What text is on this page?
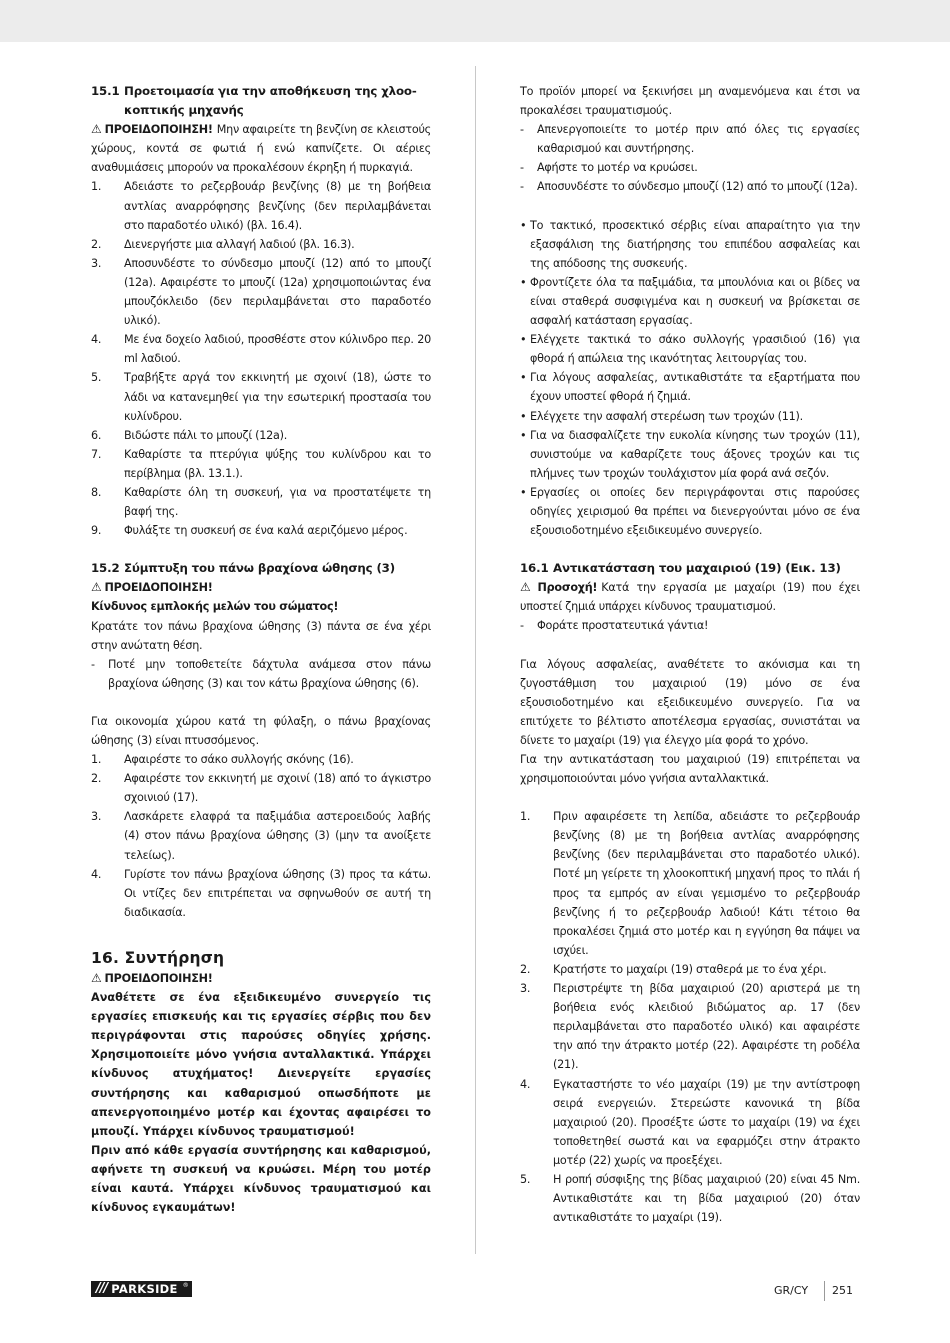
15.1 Προετοιμασία για την αποθήκευση της χλοο-
κοπτικής μηχανής

⚠ ΠΡΟΕΙΔΟΠΟΙΗΣΗ! Μην αφαιρείτε τη βενζίνη σε κλειστούς χώρους, κοντά σε φωτιά ή ενώ καπνίζετε. Οι αέριες αναθυμιάσεις μπορούν να προκαλέσουν έκρηξη ή πυρκαγιά.

1. Αδειάστε το ρεζερβουάρ βενζίνης (8) με τη βοήθεια αντλίας αναρρόφησης βενζίνης (δεν περιλαμβάνεται στο παραδοτέο υλικό) (βλ. 16.4).
2. Διενεργήστε μια αλλαγή λαδιού (βλ. 16.3).
3. Αποσυνδέστε το σύνδεσμο μπουζί (12) από το μπουζί (12a). Αφαιρέστε το μπουζί (12a) χρησιμοποιώντας ένα μπουζόκλειδο (δεν περιλαμβάνεται στο παραδοτέο υλικό).
4. Με ένα δοχείο λαδιού, προσθέστε στον κύλινδρο περ. 20 ml λαδιού.
5. Τραβήξτε αργά τον εκκινητή με σχοινί (18), ώστε το λάδι να κατανεμηθεί για την εσωτερική προστασία του κυλίνδρου.
6. Βιδώστε πάλι το μπουζί (12a).
7. Καθαρίστε τα πτερύγια ψύξης του κυλίνδρου και το περίβλημα (βλ. 13.1.).
8. Καθαρίστε όλη τη συσκευή, για να προστατέψετε τη βαφή της.
9. Φυλάξτε τη συσκευή σε ένα καλά αεριζόμενο μέρος.
15.2 Σύμπτυξη του πάνω βραχίονα ώθησης (3)

⚠ ΠΡΟΕΙΔΟΠΟΙΗΣΗ!

Κίνδυνος εμπλοκής μελών του σώματος!

Κρατάτε τον πάνω βραχίονα ώθησης (3) πάντα σε ένα χέρι στην ανώτατη θέση.

- Ποτέ μην τοποθετείτε δάχτυλα ανάμεσα στον πάνω βραχίονα ώθησης (3) και τον κάτω βραχίονα ώθησης (6).

Για οικονομία χώρου κατά τη φύλαξη, ο πάνω βραχίονας ώθησης (3) είναι πτυσσόμενος.

1. Αφαιρέστε το σάκο συλλογής σκόνης (16).
2. Αφαιρέστε τον εκκινητή με σχοινί (18) από το άγκιστρο σχοινιού (17).
3. Λασκάρετε ελαφρά τα παξιμάδια αστεροειδούς λαβής (4) στον πάνω βραχίονα ώθησης (3) (μην τα ανοίξετε τελείως).
4. Γυρίστε τον πάνω βραχίονα ώθησης (3) προς τα κάτω. Οι ντίζες δεν επιτρέπεται να σφηνωθούν σε αυτή τη διαδικασία.
16. Συντήρηση

⚠ ΠΡΟΕΙΔΟΠΟΙΗΣΗ!

Αναθέτετε σε ένα εξειδικευμένο συνεργείο τις εργασίες επισκευής και τις εργασίες σέρβις που δεν περιγράφονται στις παρούσες οδηγίες χρήσης. Χρησιμοποιείτε μόνο γνήσια ανταλλακτικά. Υπάρχει κίνδυνος ατυχήματος! Διενεργείτε εργασίες συντήρησης και καθαρισμού οπωσδήποτε με απενεργοποιημένο μοτέρ και έχοντας αφαιρέσει το μπουζί. Υπάρχει κίνδυνος τραυματισμού!

Πριν από κάθε εργασία συντήρησης και καθαρισμού, αφήνετε τη συσκευή να κρυώσει. Μέρη του μοτέρ είναι καυτά. Υπάρχει κίνδυνος τραυματισμού και κίνδυνος εγκαυμάτων!

Το προϊόν μπορεί να ξεκινήσει μη αναμενόμενα και έτσι να προκαλέσει τραυματισμούς.

- Απενεργοποιείτε το μοτέρ πριν από όλες τις εργασίες καθαρισμού και συντήρησης.
- Αφήστε το μοτέρ να κρυώσει.
- Αποσυνδέστε το σύνδεσμο μπουζί (12) από το μπουζί (12a).
• Το τακτικό, προσεκτικό σέρβις είναι απαραίτητο για την εξασφάλιση της διατήρησης του επιπέδου ασφαλείας και της απόδοσης της συσκευής.
• Φροντίζετε όλα τα παξιμάδια, τα μπουλόνια και οι βίδες να είναι σταθερά συσφιγμένα και η συσκευή να βρίσκεται σε ασφαλή κατάσταση εργασίας.
• Ελέγχετε τακτικά το σάκο συλλογής γρασιδιού (16) για φθορά ή απώλεια της ικανότητας λειτουργίας του.
• Για λόγους ασφαλείας, αντικαθιστάτε τα εξαρτήματα που έχουν υποστεί φθορά ή ζημιά.
• Ελέγχετε την ασφαλή στερέωση των τροχών (11).
• Για να διασφαλίζετε την ευκολία κίνησης των τροχών (11), συνιστούμε να καθαρίζετε τους άξονες τροχών και τις πλήμνες των τροχών τουλάχιστον μία φορά ανά σεζόν.
• Εργασίες οι οποίες δεν περιγράφονται στις παρούσες οδηγίες χειρισμού θα πρέπει να διενεργούνται μόνο σε ένα εξουσιοδοτημένο εξειδικευμένο συνεργείο.
16.1 Αντικατάσταση του μαχαιριού (19) (Εικ. 13)

⚠ Προσοχή! Κατά την εργασία με μαχαίρι (19) που έχει υποστεί ζημιά υπάρχει κίνδυνος τραυματισμού.

- Φοράτε προστατευτικά γάντια!

Για λόγους ασφαλείας, αναθέτετε το ακόνισμα και τη ζυγοστάθμιση του μαχαιριού (19) μόνο σε ένα εξουσιοδοτημένο και εξειδικευμένο συνεργείο. Για να επιτύχετε το βέλτιστο αποτέλεσμα εργασίας, συνιστάται να δίνετε το μαχαίρι (19) για έλεγχο μία φορά το χρόνο.

Για την αντικατάσταση του μαχαιριού (19) επιτρέπεται να χρησιμοποιούνται μόνο γνήσια ανταλλακτικά.

1. Πριν αφαιρέσετε τη λεπίδα, αδειάστε το ρεζερβουάρ βενζίνης (8) με τη βοήθεια αντλίας αναρρόφησης βενζίνης (δεν περιλαμβάνεται στο παραδοτέο υλικό). Ποτέ μη γείρετε τη χλοοκοπτική μηχανή προς το πλάι ή προς τα εμπρός αν είναι γεμισμένο το ρεζερβουάρ βενζίνης ή το ρεζερβουάρ λαδιού! Κάτι τέτοιο θα προκαλέσει ζημιά στο μοτέρ και η εγγύηση θα πάψει να ισχύει.
2. Κρατήστε το μαχαίρι (19) σταθερά με το ένα χέρι.
3. Περιστρέψτε τη βίδα μαχαιριού (20) αριστερά με τη βοήθεια ενός κλειδιού βιδώματος αρ. 17 (δεν περιλαμβάνεται στο παραδοτέο υλικό) και αφαιρέστε την από την άτρακτο μοτέρ (22). Αφαιρέστε τη ροδέλα (21).
4. Εγκαταστήστε το νέο μαχαίρι (19) με την αντίστροφη σειρά ενεργειών. Στερεώστε κανονικά τη βίδα μαχαιριού (20). Προσέξτε ώστε το μαχαίρι (19) να έχει τοποθετηθεί σωστά και να εφαρμόζει στην άτρακτο μοτέρ (22) χωρίς να προεξέχει.
5. Η ροπή σύσφιξης της βίδας μαχαιριού (20) είναι 45 Nm. Αντικαθιστάτε και τη βίδα μαχαιριού (20) όταν αντικαθιστάτε το μαχαίρι (19).
/// PARKSIDE ®	GR/CY 251
